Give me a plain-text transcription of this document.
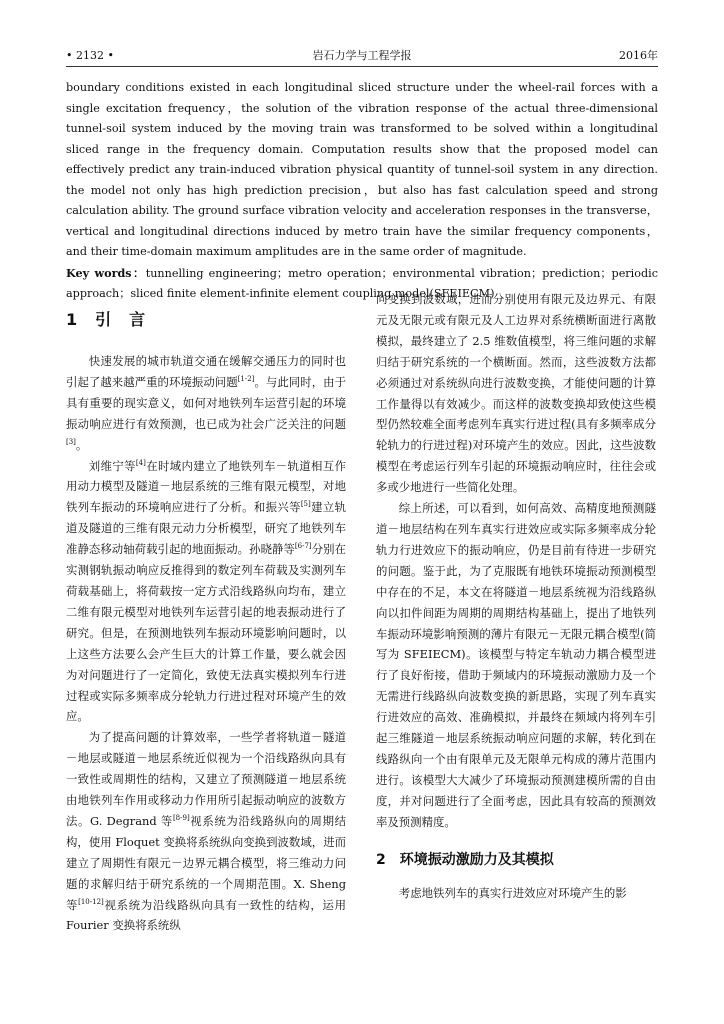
• 2132 •	岩石力学与工程学报	2016年

boundary conditions existed in each longitudinal sliced structure under the wheel-rail forces with a single excitation frequency，the solution of the vibration response of the actual three-dimensional tunnel-soil system induced by the moving train was transformed to be solved within a longitudinal sliced range in the frequency domain. Computation results show that the proposed model can effectively predict any train-induced vibration physical quantity of tunnel-soil system in any direction. the model not only has high prediction precision，but also has fast calculation speed and strong calculation ability. The ground surface vibration velocity and acceleration responses in the transverse，vertical and longitudinal directions induced by metro train have the similar frequency components，and their time-domain maximum amplitudes are in the same order of magnitude.

Key words：tunnelling engineering；metro operation；environmental vibration；prediction；periodic approach；sliced finite element-infinite element coupling model(SFEIECM)

1 引言

快速发展的城市轨道交通在缓解交通压力的同时也引起了越来越严重的环境振动问题[1-2]。与此同时，由于具有重要的现实意义，如何对地铁列车运营引起的环境振动响应进行有效预测，也已成为社会广泛关注的问题[3]。

刘维宁等[4]在时域内建立了地铁列车－轨道相互作用动力模型及隧道－地层系统的三维有限元模型，对地铁列车振动的环境响应进行了分析。和振兴等[5]建立轨道及隧道的三维有限元动力分析模型，研究了地铁列车准静态移动轴荷载引起的地面振动。孙晓静等[6-7]分别在实测钢轨振动响应反推得到的数定列车荷载及实测列车荷载基础上，将荷载按一定方式沿线路纵向均布，建立二维有限元模型对地铁列车运营引起的地表振动进行了研究。但是，在预测地铁列车振动环境影响问题时，以上这些方法要么会产生巨大的计算工作量，要么就会因为对问题进行了一定简化，致使无法真实模拟列车行进过程或实际多频率成分轮轨力行进过程对环境产生的效应。

为了提高问题的计算效率，一些学者将轨道－隧道－地层或隧道－地层系统近似视为一个沿线路纵向具有一致性或周期性的结构，又建立了预测隧道－地层系统由地铁列车作用或移动力作用所引起振动响应的波数方法。G. Degrand 等[8-9]视系统为沿线路纵向的周期结构，使用 Floquet 变换将系统纵向变换到波数域，进而建立了周期性有限元－边界元耦合模型，将三维动力问题的求解归结于研究系统的一个周期范围。X. Sheng 等[10-12]视系统为沿线路纵向具有一致性的结构，运用 Fourier 变换将系统纵

向变换到波数域，进而分别使用有限元及边界元、有限元及无限元或有限元及人工边界对系统横断面进行离散模拟，最终建立了 2.5 维数值模型，将三维问题的求解归结于研究系统的一个横断面。然而，这些波数方法都必须通过对系统纵向进行波数变换，才能使问题的计算工作量得以有效减少。而这样的波数变换却致使这些模型仍然较难全面考虑列车真实行进过程(具有多频率成分轮轨力的行进过程)对环境产生的效应。因此，这些波数模型在考虑运行列车引起的环境振动响应时，往往会或多或少地进行一些简化处理。

综上所述，可以看到，如何高效、高精度地预测隧道－地层结构在列车真实行进效应或实际多频率成分轮轨力行进效应下的振动响应，仍是目前有待进一步研究的问题。鉴于此，为了克服既有地铁环境振动预测模型中存在的不足，本文在将隧道－地层系统视为沿线路纵向以扣件间距为周期的周期结构基础上，提出了地铁列车振动环境影响预测的薄片有限元－无限元耦合模型(简写为 SFEIECM)。该模型与特定车轨动力耦合模型进行了良好衔接，借助于频域内的环境振动激励力及一个无需进行线路纵向波数变换的新思路，实现了列车真实行进效应的高效、准确模拟，并最终在频域内将列车引起三维隧道－地层系统振动响应问题的求解，转化到在线路纵向一个由有限单元及无限单元构成的薄片范围内进行。该模型大大减少了环境振动预测建模所需的自由度，并对问题进行了全面考虑，因此具有较高的预测效率及预测精度。

2 环境振动激励力及其模拟

考虑地铁列车的真实行进效应对环境产生的影
